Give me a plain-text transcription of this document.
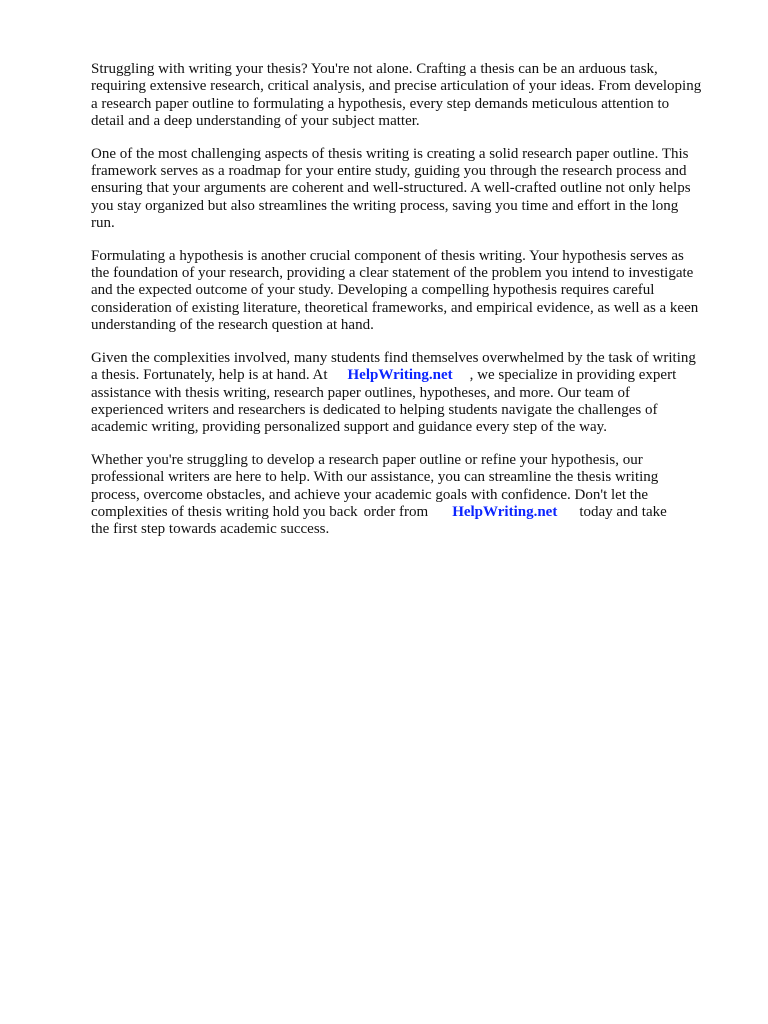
Struggling with writing your thesis? You're not alone. Crafting a thesis can be an arduous task,
requiring extensive research, critical analysis, and precise articulation of your ideas. From developing
a research paper outline to formulating a hypothesis, every step demands meticulous attention to
detail and a deep understanding of your subject matter.

One of the most challenging aspects of thesis writing is creating a solid research paper outline. This
framework serves as a roadmap for your entire study, guiding you through the research process and
ensuring that your arguments are coherent and well-structured. A well-crafted outline not only helps
you stay organized but also streamlines the writing process, saving you time and effort in the long
run.

Formulating a hypothesis is another crucial component of thesis writing. Your hypothesis serves as
the foundation of your research, providing a clear statement of the problem you intend to investigate
and the expected outcome of your study. Developing a compelling hypothesis requires careful
consideration of existing literature, theoretical frameworks, and empirical evidence, as well as a keen
understanding of the research question at hand.

Given the complexities involved, many students find themselves overwhelmed by the task of writing
a thesis. Fortunately, help is at hand. At HelpWriting.net , we specialize in providing expert
assistance with thesis writing, research paper outlines, hypotheses, and more. Our team of
experienced writers and researchers is dedicated to helping students navigate the challenges of
academic writing, providing personalized support and guidance every step of the way.

Whether you're struggling to develop a research paper outline or refine your hypothesis, our
professional writers are here to help. With our assistance, you can streamline the thesis writing
process, overcome obstacles, and achieve your academic goals with confidence. Don't let the
complexities of thesis writing hold you back order from HelpWriting.net today and take
the first step towards academic success.
